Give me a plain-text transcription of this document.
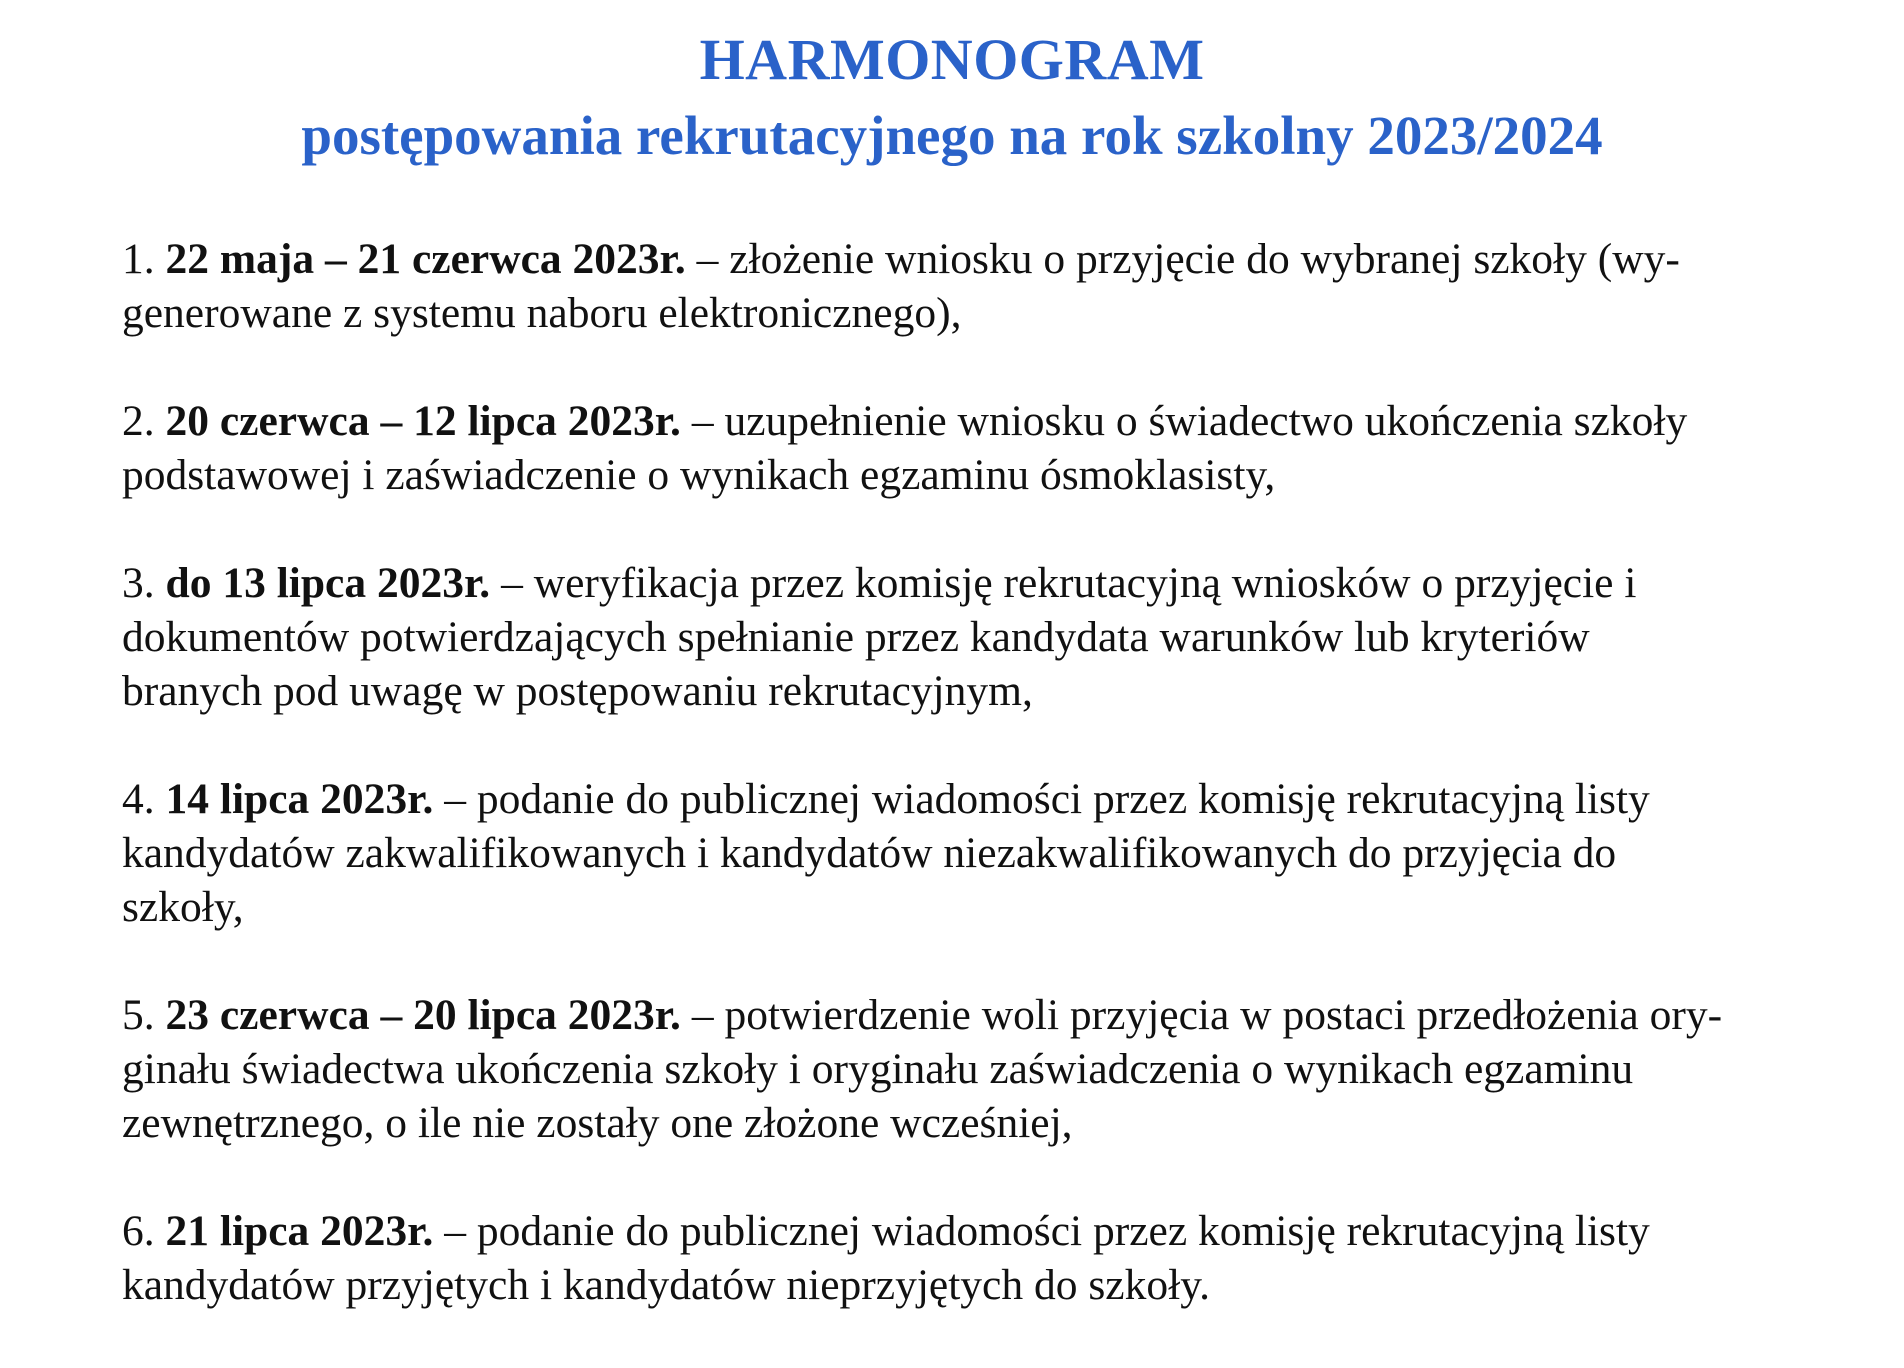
HARMONOGRAM
postępowania rekrutacyjnego na rok szkolny 2023/2024
1. 22 maja – 21 czerwca 2023r. – złożenie wniosku o przyjęcie do wybranej szkoły (wy-
generowane z systemu naboru elektronicznego),
2. 20 czerwca – 12 lipca 2023r. – uzupełnienie wniosku o świadectwo ukończenia szkoły
podstawowej i zaświadczenie o wynikach egzaminu ósmoklasisty,
3. do 13 lipca 2023r. – weryfikacja przez komisję rekrutacyjną wniosków o przyjęcie i
dokumentów potwierdzających spełnianie przez kandydata warunków lub kryteriów
branych pod uwagę w postępowaniu rekrutacyjnym,
4. 14 lipca 2023r. – podanie do publicznej wiadomości przez komisję rekrutacyjną listy
kandydatów zakwalifikowanych i kandydatów niezakwalifikowanych do przyjęcia do
szkoły,
5. 23 czerwca – 20 lipca 2023r. – potwierdzenie woli przyjęcia w postaci przedłożenia ory-
ginału świadectwa ukończenia szkoły i oryginału zaświadczenia o wynikach egzaminu
zewnętrznego, o ile nie zostały one złożone wcześniej,
6. 21 lipca 2023r. – podanie do publicznej wiadomości przez komisję rekrutacyjną listy
kandydatów przyjętych i kandydatów nieprzyjętych do szkoły.
